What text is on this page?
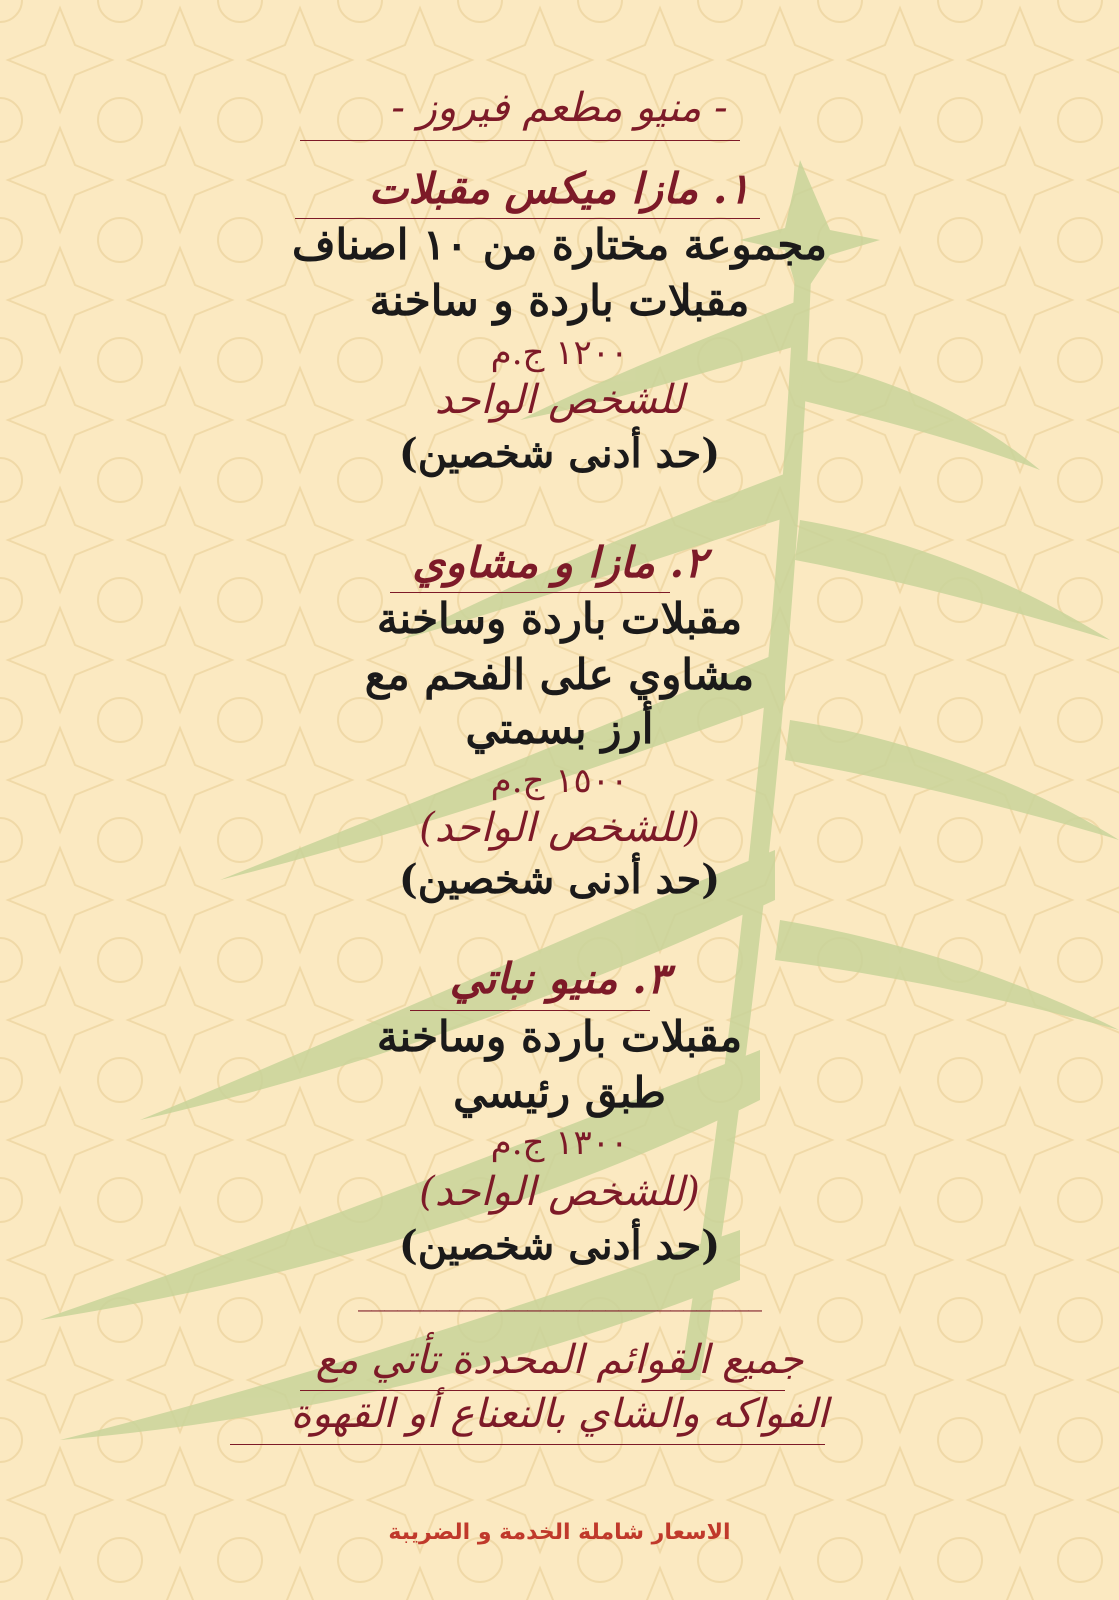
- منيو مطعم فيروز -
١. مازا ميكس مقبلات
مجموعة مختارة من ١٠ اصناف
مقبلات باردة و ساخنة
١٢٠٠ ج.م
للشخص الواحد
(حد أدنى شخصين)
٢. مازا و مشاوي
مقبلات باردة وساخنة
مشاوي على الفحم مع
أرز بسمتي
١٥٠٠ ج.م
(للشخص الواحد)
(حد أدنى شخصين)
٣. منيو نباتي
مقبلات باردة وساخنة
طبق رئيسي
١٣٠٠ ج.م
(للشخص الواحد)
(حد أدنى شخصين)
_______________________________
جميع القوائم المحددة تأتي مع
الفواكه والشاي بالنعناع أو القهوة
الاسعار شاملة الخدمة و الضريبة
